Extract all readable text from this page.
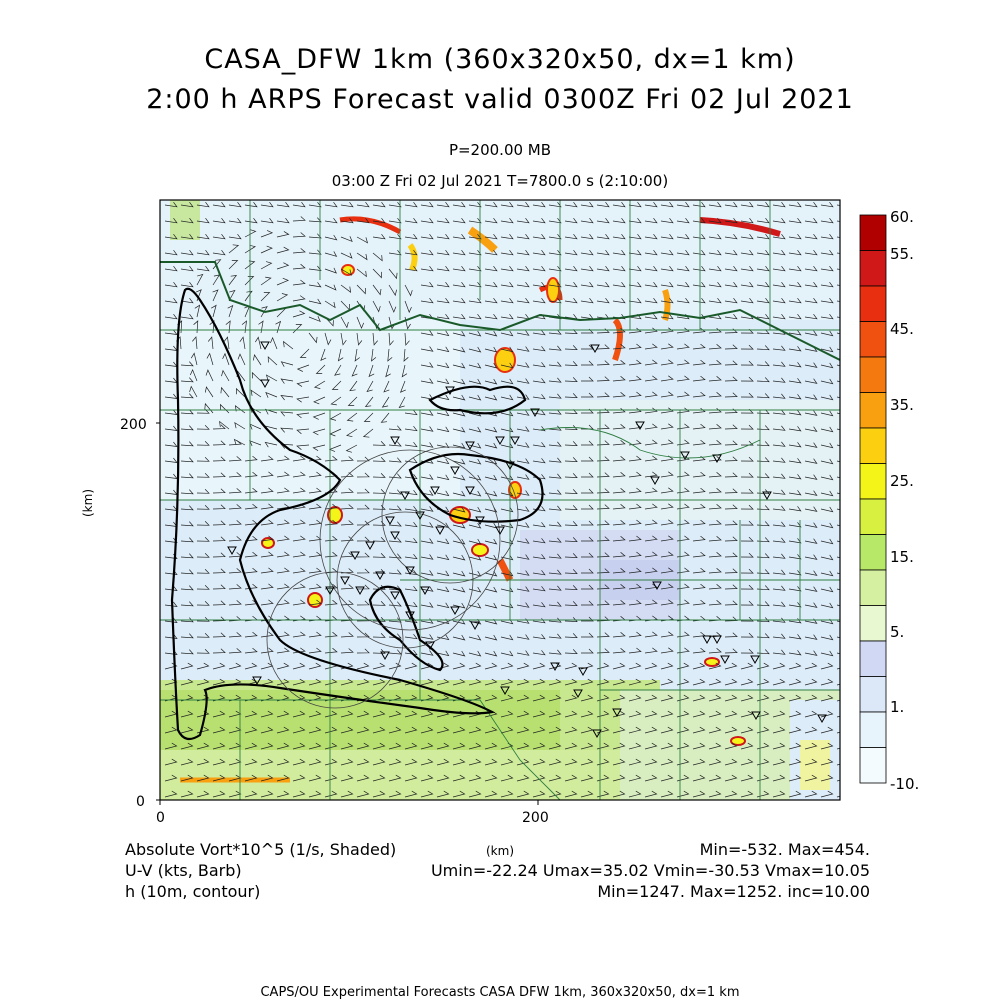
0	200
0
200
(km)
60.
55.
45.
35.
25.
15.
5.
1.
-10.
CASA_DFW 1km (360x320x50, dx=1 km)
2:00 h ARPS Forecast valid 0300Z Fri 02 Jul 2021
P=200.00 MB
03:00 Z Fri 02 Jul 2021 T=7800.0 s (2:10:00)
Absolute Vort*10^5 (1/s, Shaded)
U-V (kts, Barb)
h (10m, contour)
(km)	Min=-532. Max=454.
Umin=-22.24 Umax=35.02 Vmin=-30.53 Vmax=10.05
Min=1247. Max=1252. inc=10.00
CAPS/OU Experimental Forecasts CASA DFW 1km, 360x320x50, dx=1 km
